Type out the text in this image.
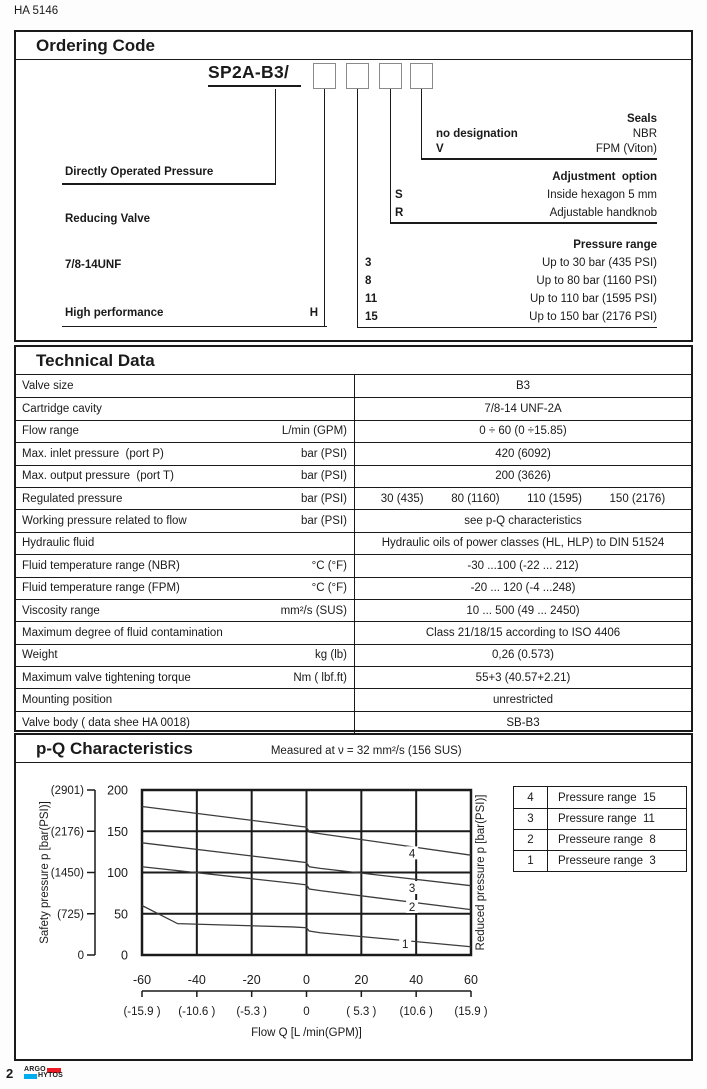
HA 5146
Ordering Code
SP2A-B3/

Directly Operated Pressure

Reducing Valve

7/8-14UNF

High performance	H
Pressure range
3	Up to 30 bar (435 PSI)
8	Up to 80 bar (1160 PSI)
11	Up to 110 bar (1595 PSI)
15	Up to 150 bar (2176 PSI)
Adjustment  option
S	Inside hexagon 5 mm
R	Adjustable handknob
Seals
no designation	NBR
V	FPM (Viton)
Technical Data
Valve size	B3
Cartridge cavity	7/8-14 UNF-2A
Flow range	L/min (GPM)	0 ÷ 60 (0 ÷15.85)
Max. inlet pressure  (port P)	bar (PSI)	420 (6092)
Max. output pressure  (port T)	bar (PSI)	200 (3626)
Regulated pressure	bar (PSI)	30 (435) 80 (1160) 110 (1595) 150 (2176)
Working pressure related to flow	bar (PSI)	see p-Q characteristics
Hydraulic fluid	Hydraulic oils of power classes (HL, HLP) to DIN 51524
Fluid temperature range (NBR)	°C (°F)	-30 ...100 (-22 ... 212)
Fluid temperature range (FPM)	°C (°F)	-20 ... 120 (-4 ...248)
Viscosity range	mm²/s (SUS)	10 ... 500 (49 ... 2450)
Maximum degree of fluid contamination	Class 21/18/15 according to ISO 4406
Weight	kg (lb)	0,26 (0.573)
Maximum valve tightening torque	Nm ( lbf.ft)	55+3 (40.57+2.21)
Mounting position	unrestricted
Valve body ( data shee HA 0018)	SB-B3
p-Q Characteristics	Measured at ν = 32 mm²/s (156 SUS)
0	0
(725) 50
(1450) 100
(2176) 150
(2901) 200
-60
(-15.9 )
-40
(-10.6 )
-20
(-5.3 )
0
0
20
( 5.3 )
40
(10.6 )
60
(15.9 )
Flow Q [L /min(GPM)]
4
3
2
1
Safety pressure p [bar(PSI)]	Reduced pressure p [bar(PSI)]	4	Pressure range  15
3	Pressure range  11
2	Presseure range  8
1	Presseure range  3
2 ARGO
HYTOS
